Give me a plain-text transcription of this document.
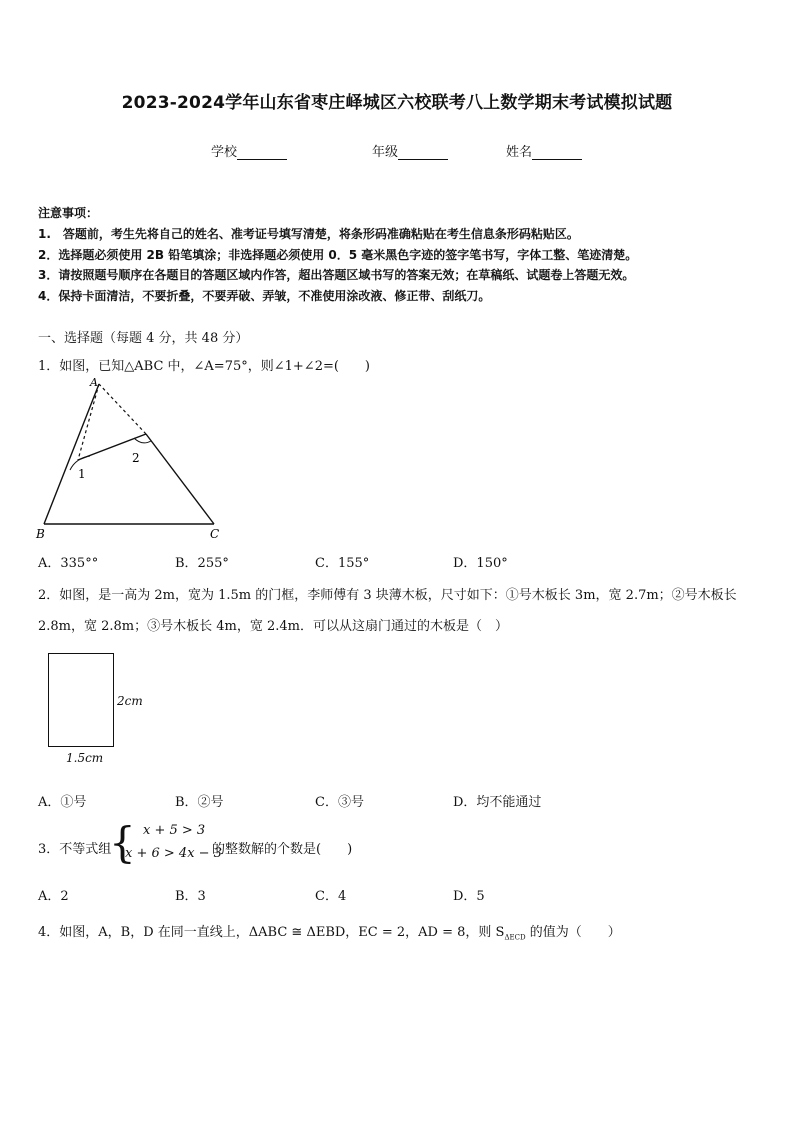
2023-2024学年山东省枣庄峄城区六校联考八上数学期末考试模拟试题
学校	年级	姓名
注意事项：
1.　答题前，考生先将自己的姓名、准考证号填写清楚，将条形码准确粘贴在考生信息条形码粘贴区。
2．选择题必须使用 2B 铅笔填涂；非选择题必须使用 0．5 毫米黑色字迹的签字笔书写，字体工整、笔迹清楚。
3．请按照题号顺序在各题目的答题区域内作答，超出答题区域书写的答案无效；在草稿纸、试题卷上答题无效。
4．保持卡面清洁，不要折叠，不要弄破、弄皱，不准使用涂改液、修正带、刮纸刀。
一、选择题（每题 4 分，共 48 分）
1．如图，已知△ABC 中，∠A=75°，则∠1+∠2=(　　)
1
2
A
B	C
A．335°°	B．255°	C．155°	D．150°
2．如图，是一高为 2m，宽为 1.5m 的门框，李师傅有 3 块薄木板，尺寸如下：①号木板长 3m，宽 2.7m；②号木板长
2.8m，宽 2.8m；③号木板长 4m，宽 2.4m．可以从这扇门通过的木板是（　）
2cm
1.5cm
A．①号	B．②号	C．③号	D．均不能通过
3．不等式组
{ x + 5 > 3
x + 6 > 4x − 3
的整数解的个数是(　　)
A．2	B．3	C．4	D．5
4．如图，A，B，D 在同一直线上，ΔABC ≅ ΔEBD，EC = 2，AD = 8，则 $S_{\Delta ECD}$ 的值为（　　）
